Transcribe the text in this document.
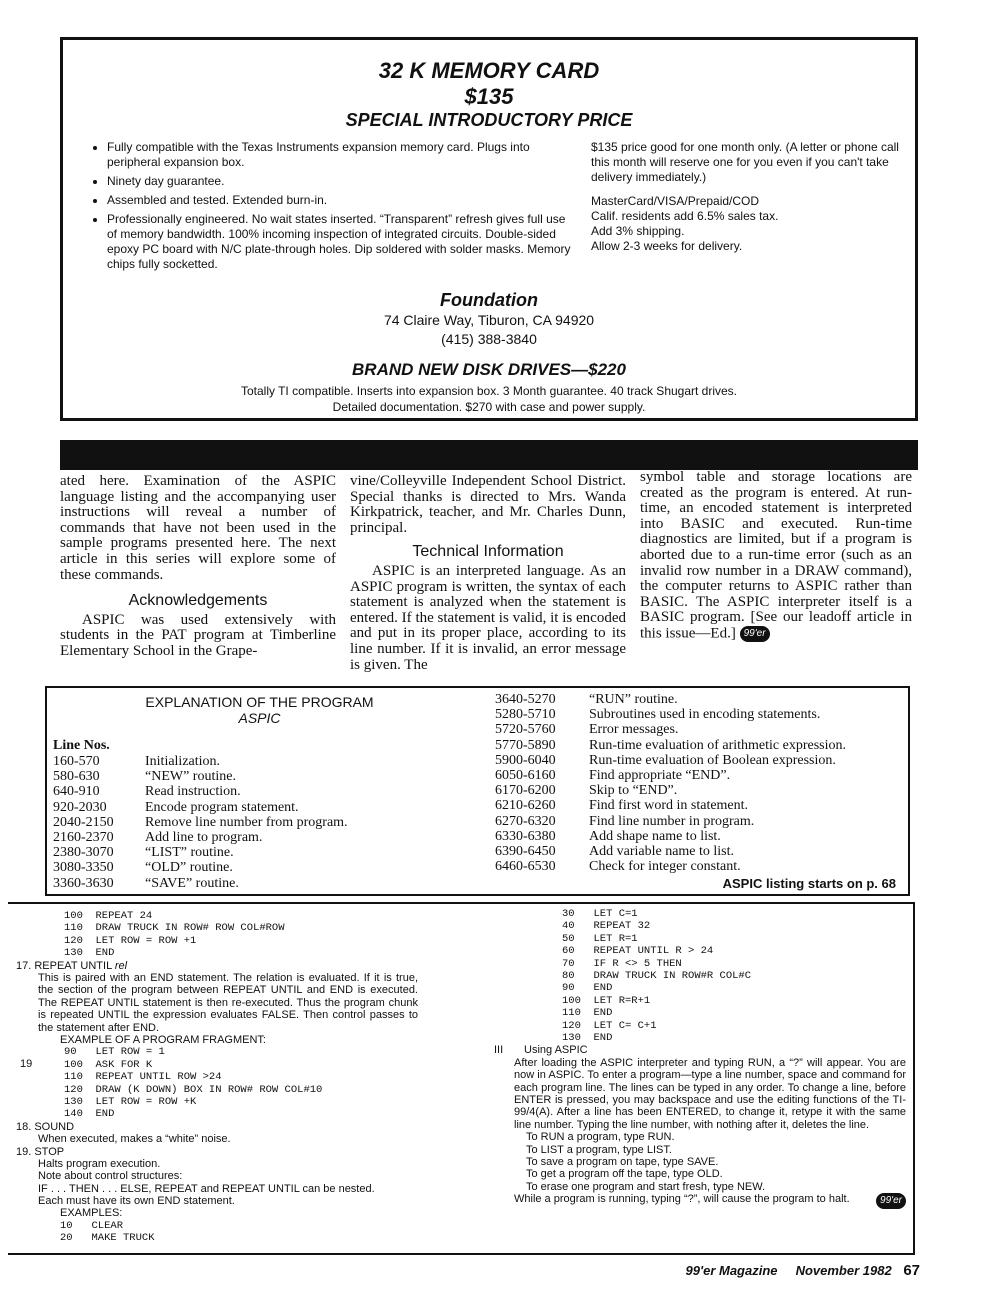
32 K MEMORY CARD
$135
SPECIAL INTRODUCTORY PRICE
• Fully compatible with the Texas Instruments expansion memory card. Plugs into peripheral expansion box.
• Ninety day guarantee.
• Assembled and tested. Extended burn-in.
• Professionally engineered. No wait states inserted. “Transparent” refresh gives full use of memory bandwidth. 100% incoming inspection of integrated circuits. Double-sided epoxy PC board with N/C plate-through holes. Dip soldered with solder masks. Memory chips fully socketted.

$135 price good for one month only. (A letter or phone call this month will reserve one for you even if you can't take delivery immediately.)

MasterCard/VISA/Prepaid/COD
Calif. residents add 6.5% sales tax.
Add 3% shipping.
Allow 2-3 weeks for delivery.
Foundation
74 Claire Way, Tiburon, CA 94920
(415) 388-3840
BRAND NEW DISK DRIVES—$220
Totally TI compatible. Inserts into expansion box. 3 Month guarantee. 40 track Shugart drives.
Detailed documentation. $270 with case and power supply.

ated here. Examination of the ASPIC language listing and the accompanying user instructions will reveal a number of commands that have not been used in the sample programs presented here. The next article in this series will explore some of these commands.

Acknowledgements

ASPIC was used extensively with students in the PAT program at Timberline Elementary School in the Grape-

vine/Colleyville Independent School District. Special thanks is directed to Mrs. Wanda Kirkpatrick, teacher, and Mr. Charles Dunn, principal.

Technical Information

ASPIC is an interpreted language. As an ASPIC program is written, the syntax of each statement is analyzed when the statement is entered. If the statement is valid, it is encoded and put in its proper place, according to its line number. If it is invalid, an error message is given. The

symbol table and storage locations are created as the program is entered. At run-time, an encoded statement is interpreted into BASIC and executed. Run-time diagnostics are limited, but if a program is aborted due to a run-time error (such as an invalid row number in a DRAW command), the computer returns to ASPIC rather than BASIC. The ASPIC interpreter itself is a BASIC program. [See our leadoff article in this issue—Ed.] 99'er

EXPLANATION OF THE PROGRAM
ASPIC
Line Nos.
160-570	Initialization.
580-630	“NEW” routine.
640-910	Read instruction.
920-2030	Encode program statement.
2040-2150	Remove line number from program.
2160-2370	Add line to program.
2380-3070	“LIST” routine.
3080-3350	“OLD” routine.
3360-3630	“SAVE” routine.
3640-5270	“RUN” routine.
5280-5710	Subroutines used in encoding statements.
5720-5760	Error messages.
5770-5890	Run-time evaluation of arithmetic expression.
5900-6040	Run-time evaluation of Boolean expression.
6050-6160	Find appropriate “END”.
6170-6200	Skip to “END”.
6210-6260	Find first word in statement.
6270-6320	Find line number in program.
6330-6380	Add shape name to list.
6390-6450	Add variable name to list.
6460-6530	Check for integer constant.
ASPIC listing starts on p. 68
100  REPEAT 24
110  DRAW TRUCK IN ROW# ROW COL#ROW
120  LET ROW = ROW +1
130  END
17. REPEAT UNTIL rel
This is paired with an END statement. The relation is evaluated. If it is true, the section of the program between REPEAT UNTIL and END is executed. The REPEAT UNTIL statement is then re-executed. Thus the program chunk is repeated UNTIL the expression evaluates FALSE. Then control passes to the statement after END.
EXAMPLE OF A PROGRAM FRAGMENT:
19
90   LET ROW = 1
100  ASK FOR K
110  REPEAT UNTIL ROW >24
120  DRAW (K DOWN) BOX IN ROW# ROW COL#10
130  LET ROW = ROW +K
140  END
18. SOUND
When executed, makes a “white” noise.
19. STOP
Halts program execution.
Note about control structures:
IF . . . THEN . . . ELSE, REPEAT and REPEAT UNTIL can be nested.
Each must have its own END statement.
EXAMPLES:
10   CLEAR
20   MAKE TRUCK
30   LET C=1
40   REPEAT 32
50   LET R=1
60   REPEAT UNTIL R > 24
70   IF R <> 5 THEN
80   DRAW TRUCK IN ROW#R COL#C
90   END
100  LET R=R+1
110  END
120  LET C= C+1
130  END
III Using ASPIC
After loading the ASPIC interpreter and typing RUN, a “?” will appear. You are now in ASPIC. To enter a program—type a line number, space and command for each program line. The lines can be typed in any order. To change a line, before ENTER is pressed, you may backspace and use the editing functions of the TI-99/4(A). After a line has been ENTERED, to change it, retype it with the same line number. Typing the line number, with nothing after it, deletes the line.
To RUN a program, type RUN.
To LIST a program, type LIST.
To save a program on tape, type SAVE.
To get a program off the tape, type OLD.
To erase one program and start fresh, type NEW.
While a program is running, typing “?”, will cause the program to halt.	99'er
99'er Magazine November 1982 67
